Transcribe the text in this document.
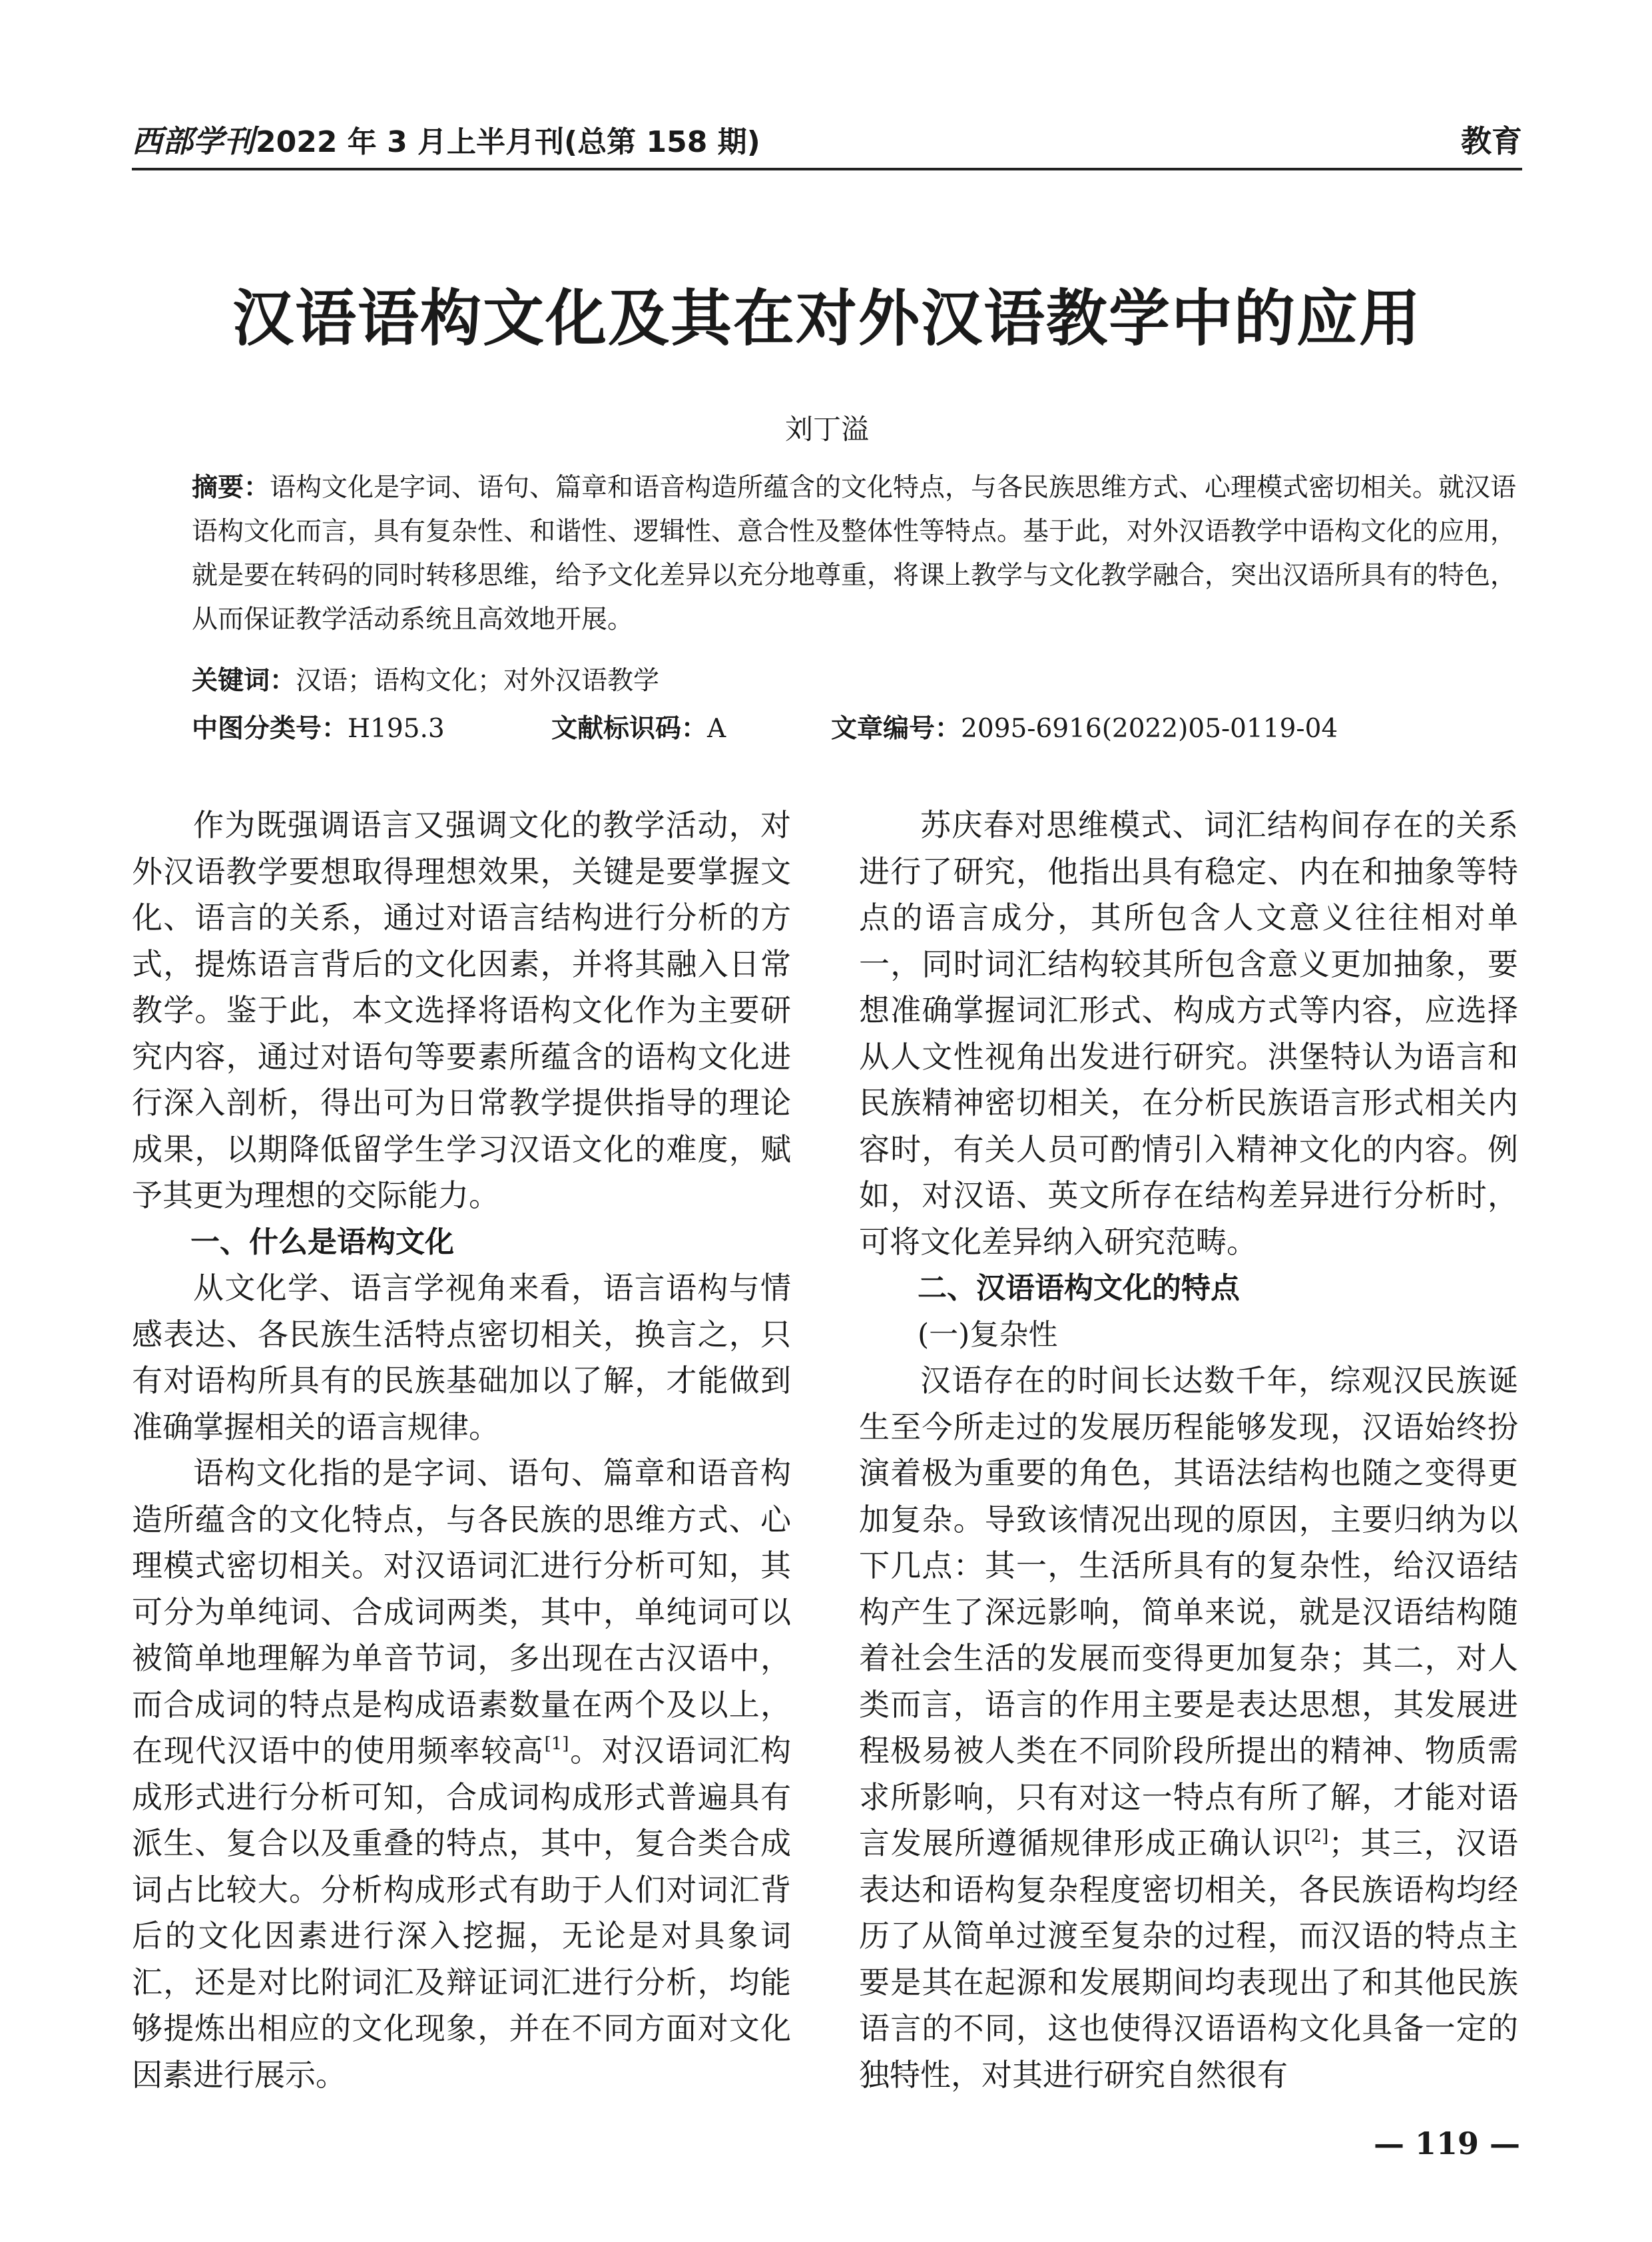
西部学刊2022 年 3 月上半月刊(总第 158 期)	教育
汉语语构文化及其在对外汉语教学中的应用
刘丁溢
摘要：语构文化是字词、语句、篇章和语音构造所蕴含的文化特点，与各民族思维方式、心理模式密切相关。就汉语语构文化而言，具有复杂性、和谐性、逻辑性、意合性及整体性等特点。基于此，对外汉语教学中语构文化的应用，就是要在转码的同时转移思维，给予文化差异以充分地尊重，将课上教学与文化教学融合，突出汉语所具有的特色，从而保证教学活动系统且高效地开展。
关键词：汉语；语构文化；对外汉语教学
中图分类号：H195.3	文献标识码：A	文章编号：2095-6916(2022)05-0119-04

作为既强调语言又强调文化的教学活动，对外汉语教学要想取得理想效果，关键是要掌握文化、语言的关系，通过对语言结构进行分析的方式，提炼语言背后的文化因素，并将其融入日常教学。鉴于此，本文选择将语构文化作为主要研究内容，通过对语句等要素所蕴含的语构文化进行深入剖析，得出可为日常教学提供指导的理论成果，以期降低留学生学习汉语文化的难度，赋予其更为理想的交际能力。

一、什么是语构文化

从文化学、语言学视角来看，语言语构与情感表达、各民族生活特点密切相关，换言之，只有对语构所具有的民族基础加以了解，才能做到准确掌握相关的语言规律。

语构文化指的是字词、语句、篇章和语音构造所蕴含的文化特点，与各民族的思维方式、心理模式密切相关。对汉语词汇进行分析可知，其可分为单纯词、合成词两类，其中，单纯词可以被简单地理解为单音节词，多出现在古汉语中，而合成词的特点是构成语素数量在两个及以上，在现代汉语中的使用频率较高[1]。对汉语词汇构成形式进行分析可知，合成词构成形式普遍具有派生、复合以及重叠的特点，其中，复合类合成词占比较大。分析构成形式有助于人们对词汇背后的文化因素进行深入挖掘，无论是对具象词汇，还是对比附词汇及辩证词汇进行分析，均能够提炼出相应的文化现象，并在不同方面对文化因素进行展示。

苏庆春对思维模式、词汇结构间存在的关系进行了研究，他指出具有稳定、内在和抽象等特点的语言成分，其所包含人文意义往往相对单一，同时词汇结构较其所包含意义更加抽象，要想准确掌握词汇形式、构成方式等内容，应选择从人文性视角出发进行研究。洪堡特认为语言和民族精神密切相关，在分析民族语言形式相关内容时，有关人员可酌情引入精神文化的内容。例如，对汉语、英文所存在结构差异进行分析时，可将文化差异纳入研究范畴。

二、汉语语构文化的特点
(一)复杂性

汉语存在的时间长达数千年，综观汉民族诞生至今所走过的发展历程能够发现，汉语始终扮演着极为重要的角色，其语法结构也随之变得更加复杂。导致该情况出现的原因，主要归纳为以下几点：其一，生活所具有的复杂性，给汉语结构产生了深远影响，简单来说，就是汉语结构随着社会生活的发展而变得更加复杂；其二，对人类而言，语言的作用主要是表达思想，其发展进程极易被人类在不同阶段所提出的精神、物质需求所影响，只有对这一特点有所了解，才能对语言发展所遵循规律形成正确认识[2]；其三，汉语表达和语构复杂程度密切相关，各民族语构均经历了从简单过渡至复杂的过程，而汉语的特点主要是其在起源和发展期间均表现出了和其他民族语言的不同，这也使得汉语语构文化具备一定的独特性，对其进行研究自然很有

— 119 —
